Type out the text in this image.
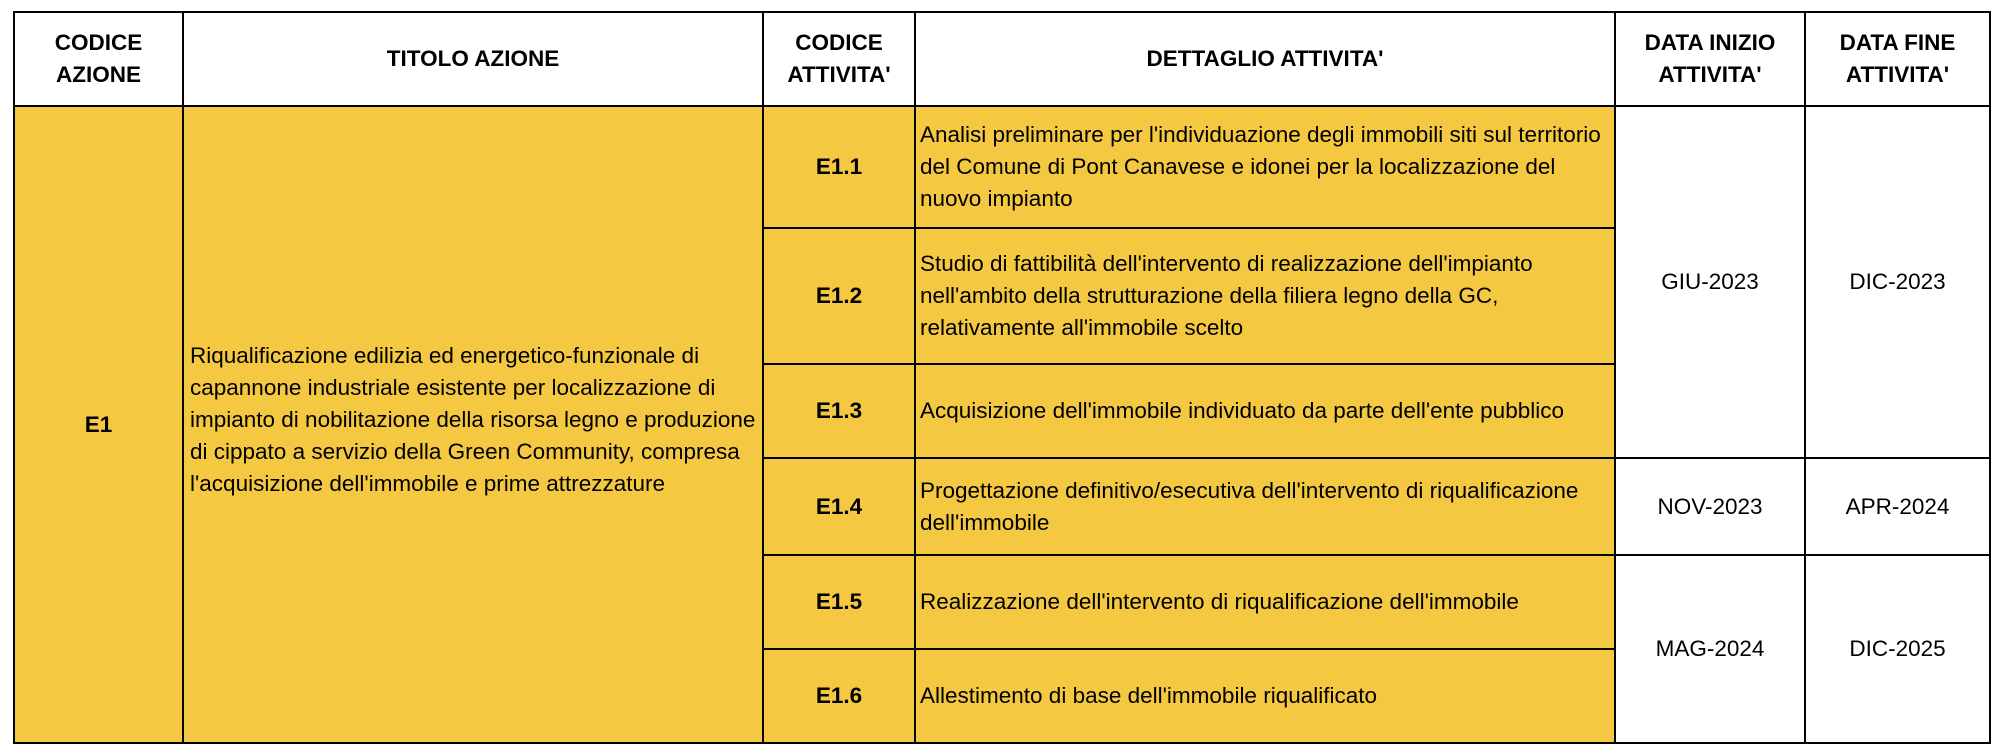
CODICE AZIONE	TITOLO AZIONE	CODICE ATTIVITA'	DETTAGLIO ATTIVITA'	DATA INIZIO ATTIVITA'	DATA FINE ATTIVITA'
E1	Riqualificazione edilizia ed energetico-funzionale di capannone industriale esistente per localizzazione di impianto di nobilitazione della risorsa legno e produzione di cippato a servizio della Green Community, compresa l'acquisizione dell'immobile e prime attrezzature	E1.1	Analisi preliminare per l'individuazione degli immobili siti sul territorio del Comune di Pont Canavese e idonei per la localizzazione del nuovo impianto	GIU-2023	DIC-2023
		E1.2	Studio di fattibilità dell'intervento di realizzazione dell'impianto nell'ambito della strutturazione della filiera legno della GC, relativamente all'immobile scelto		
		E1.3	Acquisizione dell'immobile individuato da parte dell'ente pubblico		
		E1.4	Progettazione definitivo/esecutiva dell'intervento di riqualificazione dell'immobile	NOV-2023	APR-2024
		E1.5	Realizzazione dell'intervento di riqualificazione dell'immobile	MAG-2024	DIC-2025
		E1.6	Allestimento di base dell'immobile riqualificato		
